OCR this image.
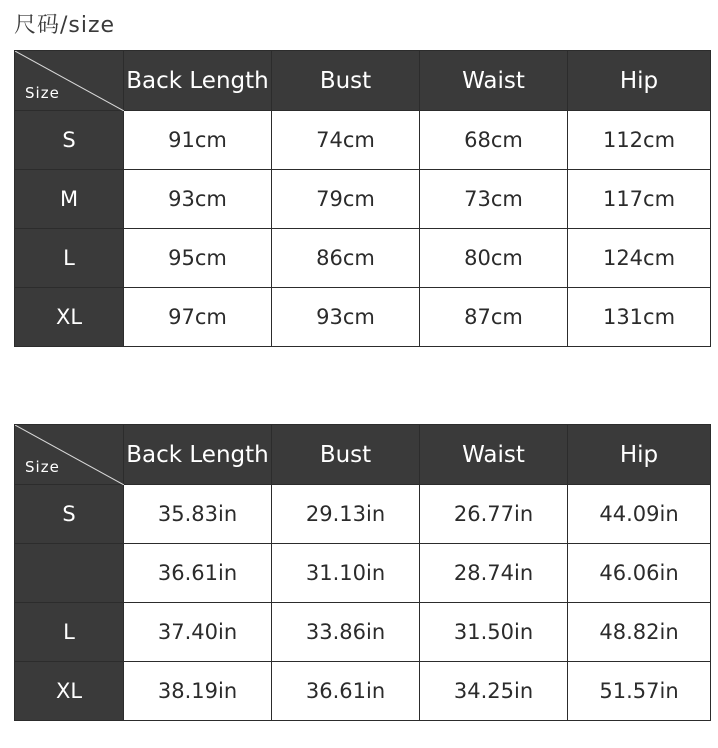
尺码/size
Size	Back Length	Bust	Waist	Hip
S	91cm	74cm	68cm	112cm
M	93cm	79cm	73cm	117cm
L	95cm	86cm	80cm	124cm
XL	97cm	93cm	87cm	131cm
Size	Back Length	Bust	Waist	Hip
S	35.83in	29.13in	26.77in	44.09in
	36.61in	31.10in	28.74in	46.06in
L	37.40in	33.86in	31.50in	48.82in
XL	38.19in	36.61in	34.25in	51.57in
